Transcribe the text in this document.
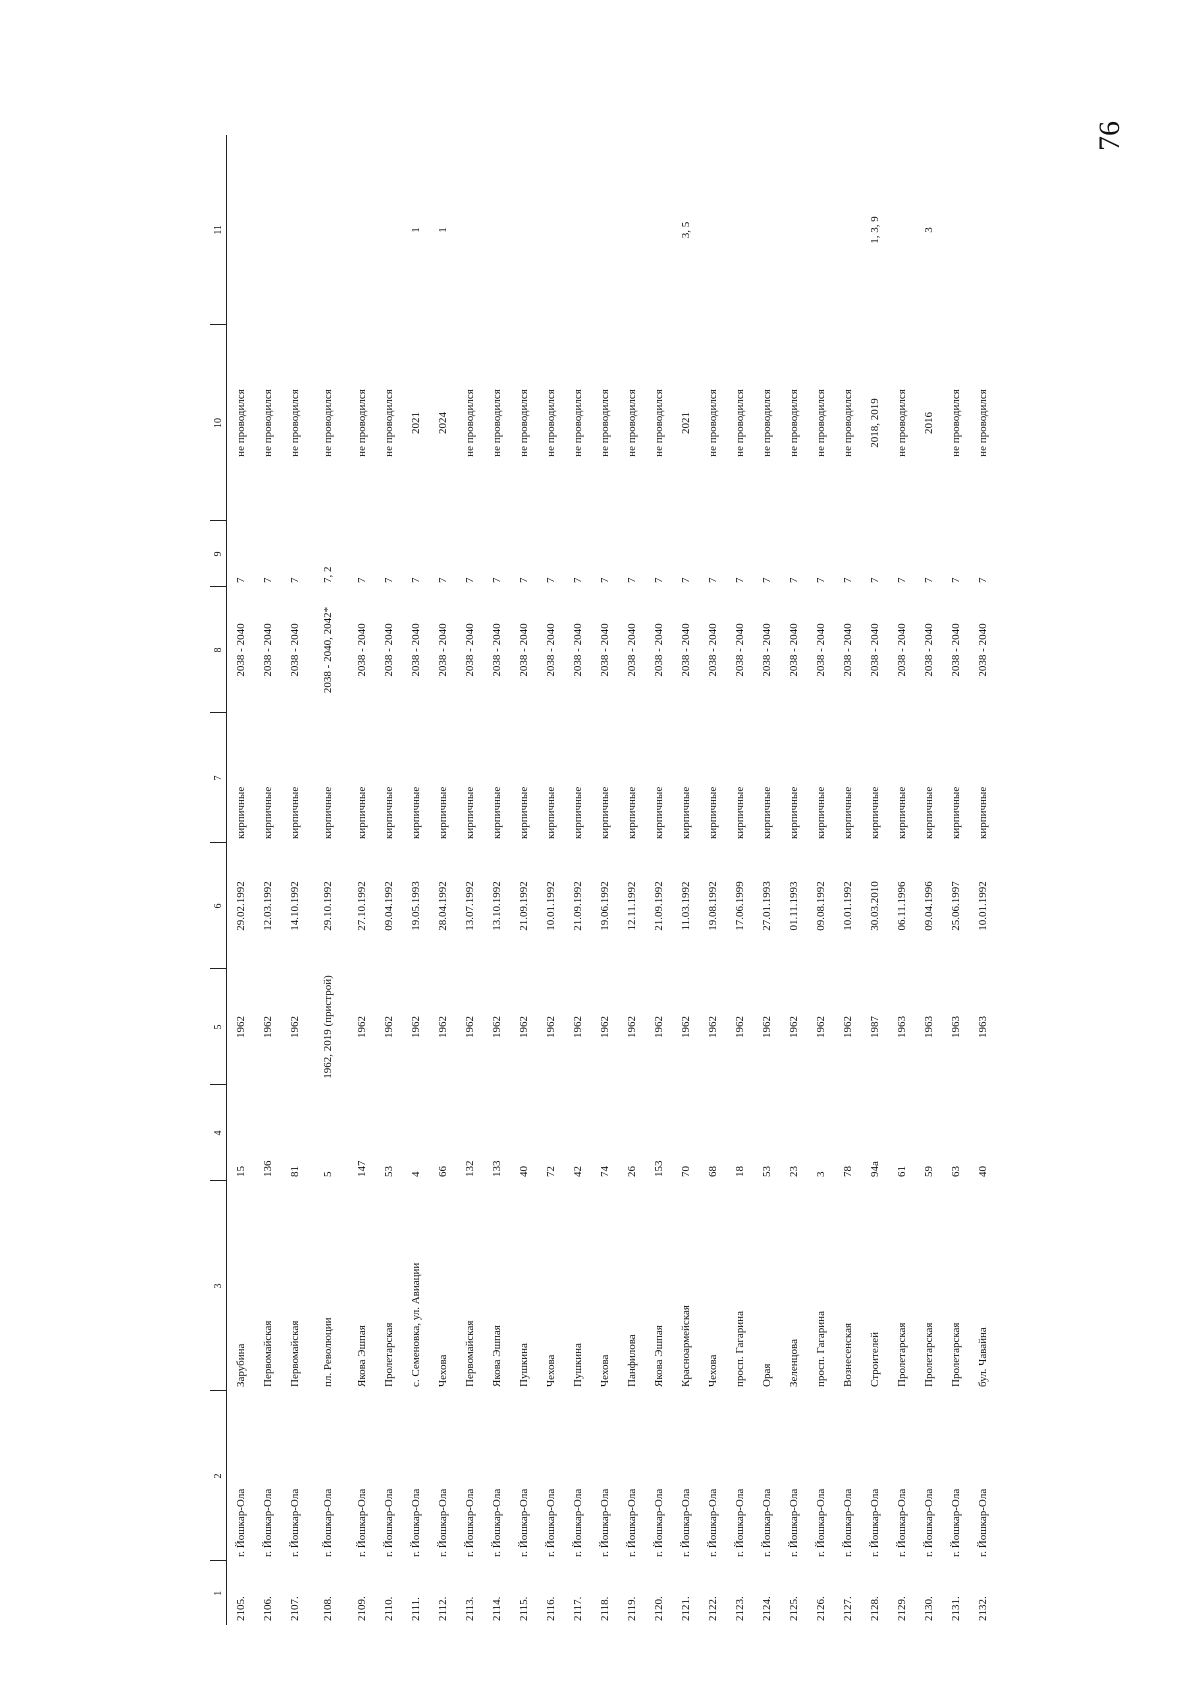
76
1	2	3	4	5	6	7	8	9	10	11
2105.	г. Йошкар-Ола	Зарубина	15	1962	29.02.1992	кирпичные	2038 - 2040	7	не проводился	
2106.	г. Йошкар-Ола	Первомайская	136	1962	12.03.1992	кирпичные	2038 - 2040	7	не проводился	
2107.	г. Йошкар-Ола	Первомайская	81	1962	14.10.1992	кирпичные	2038 - 2040	7	не проводился	
2108.	г. Йошкар-Ола	пл. Революции	5	1962, 2019 (пристрой)	29.10.1992	кирпичные	2038 - 2040, 2042*	7, 2	не проводился	
2109.	г. Йошкар-Ола	Якова Эшпая	147	1962	27.10.1992	кирпичные	2038 - 2040	7	не проводился	
2110.	г. Йошкар-Ола	Пролетарская	53	1962	09.04.1992	кирпичные	2038 - 2040	7	не проводился	
2111.	г. Йошкар-Ола	с. Семеновка, ул. Авиации	4	1962	19.05.1993	кирпичные	2038 - 2040	7	2021	1
2112.	г. Йошкар-Ола	Чехова	66	1962	28.04.1992	кирпичные	2038 - 2040	7	2024	1
2113.	г. Йошкар-Ола	Первомайская	132	1962	13.07.1992	кирпичные	2038 - 2040	7	не проводился	
2114.	г. Йошкар-Ола	Якова Эшпая	133	1962	13.10.1992	кирпичные	2038 - 2040	7	не проводился	
2115.	г. Йошкар-Ола	Пушкина	40	1962	21.09.1992	кирпичные	2038 - 2040	7	не проводился	
2116.	г. Йошкар-Ола	Чехова	72	1962	10.01.1992	кирпичные	2038 - 2040	7	не проводился	
2117.	г. Йошкар-Ола	Пушкина	42	1962	21.09.1992	кирпичные	2038 - 2040	7	не проводился	
2118.	г. Йошкар-Ола	Чехова	74	1962	19.06.1992	кирпичные	2038 - 2040	7	не проводился	
2119.	г. Йошкар-Ола	Панфилова	26	1962	12.11.1992	кирпичные	2038 - 2040	7	не проводился	
2120.	г. Йошкар-Ола	Якова Эшпая	153	1962	21.09.1992	кирпичные	2038 - 2040	7	не проводился	
2121.	г. Йошкар-Ола	Красноармейская	70	1962	11.03.1992	кирпичные	2038 - 2040	7	2021	3, 5
2122.	г. Йошкар-Ола	Чехова	68	1962	19.08.1992	кирпичные	2038 - 2040	7	не проводился	
2123.	г. Йошкар-Ола	просп. Гагарина	18	1962	17.06.1999	кирпичные	2038 - 2040	7	не проводился	
2124.	г. Йошкар-Ола	Орая	53	1962	27.01.1993	кирпичные	2038 - 2040	7	не проводился	
2125.	г. Йошкар-Ола	Зеленцова	23	1962	01.11.1993	кирпичные	2038 - 2040	7	не проводился	
2126.	г. Йошкар-Ола	просп. Гагарина	3	1962	09.08.1992	кирпичные	2038 - 2040	7	не проводился	
2127.	г. Йошкар-Ола	Вознесенская	78	1962	10.01.1992	кирпичные	2038 - 2040	7	не проводился	
2128.	г. Йошкар-Ола	Строителей	94а	1987	30.03.2010	кирпичные	2038 - 2040	7	2018, 2019	1, 3, 9
2129.	г. Йошкар-Ола	Пролетарская	61	1963	06.11.1996	кирпичные	2038 - 2040	7	не проводился	
2130.	г. Йошкар-Ола	Пролетарская	59	1963	09.04.1996	кирпичные	2038 - 2040	7	2016	3
2131.	г. Йошкар-Ола	Пролетарская	63	1963	25.06.1997	кирпичные	2038 - 2040	7	не проводился	
2132.	г. Йошкар-Ола	бул. Чавайна	40	1963	10.01.1992	кирпичные	2038 - 2040	7	не проводился	
